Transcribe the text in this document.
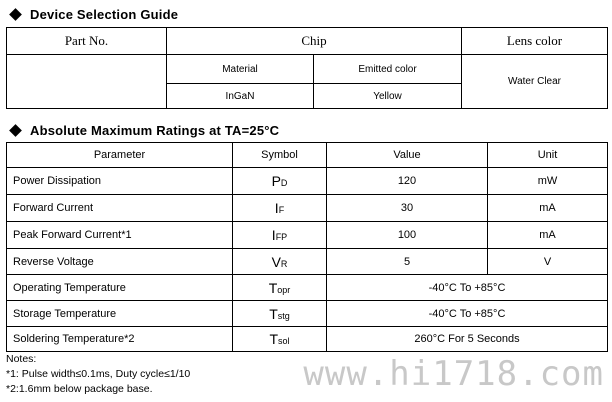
Device Selection Guide
Part No.	Chip		Lens color
	Material	Emitted color	Water Clear
	InGaN	Yellow	
Absolute Maximum Ratings at TA=25°C
Parameter	Symbol	Value	Unit
Power Dissipation	PD	120	mW
Forward Current	IF	30	mA
Peak Forward Current*1	IFP	100	mA
Reverse Voltage	VR	5	V
Operating Temperature	Topr	-40°C To +85°C	
Storage Temperature	Tstg	-40°C To +85°C	
Soldering Temperature*2	Tsol	260°C For 5 Seconds	
Notes:
*1: Pulse width≤0.1ms, Duty cycle≤1/10
*2:1.6mm below package base.	www.hi1718.com
